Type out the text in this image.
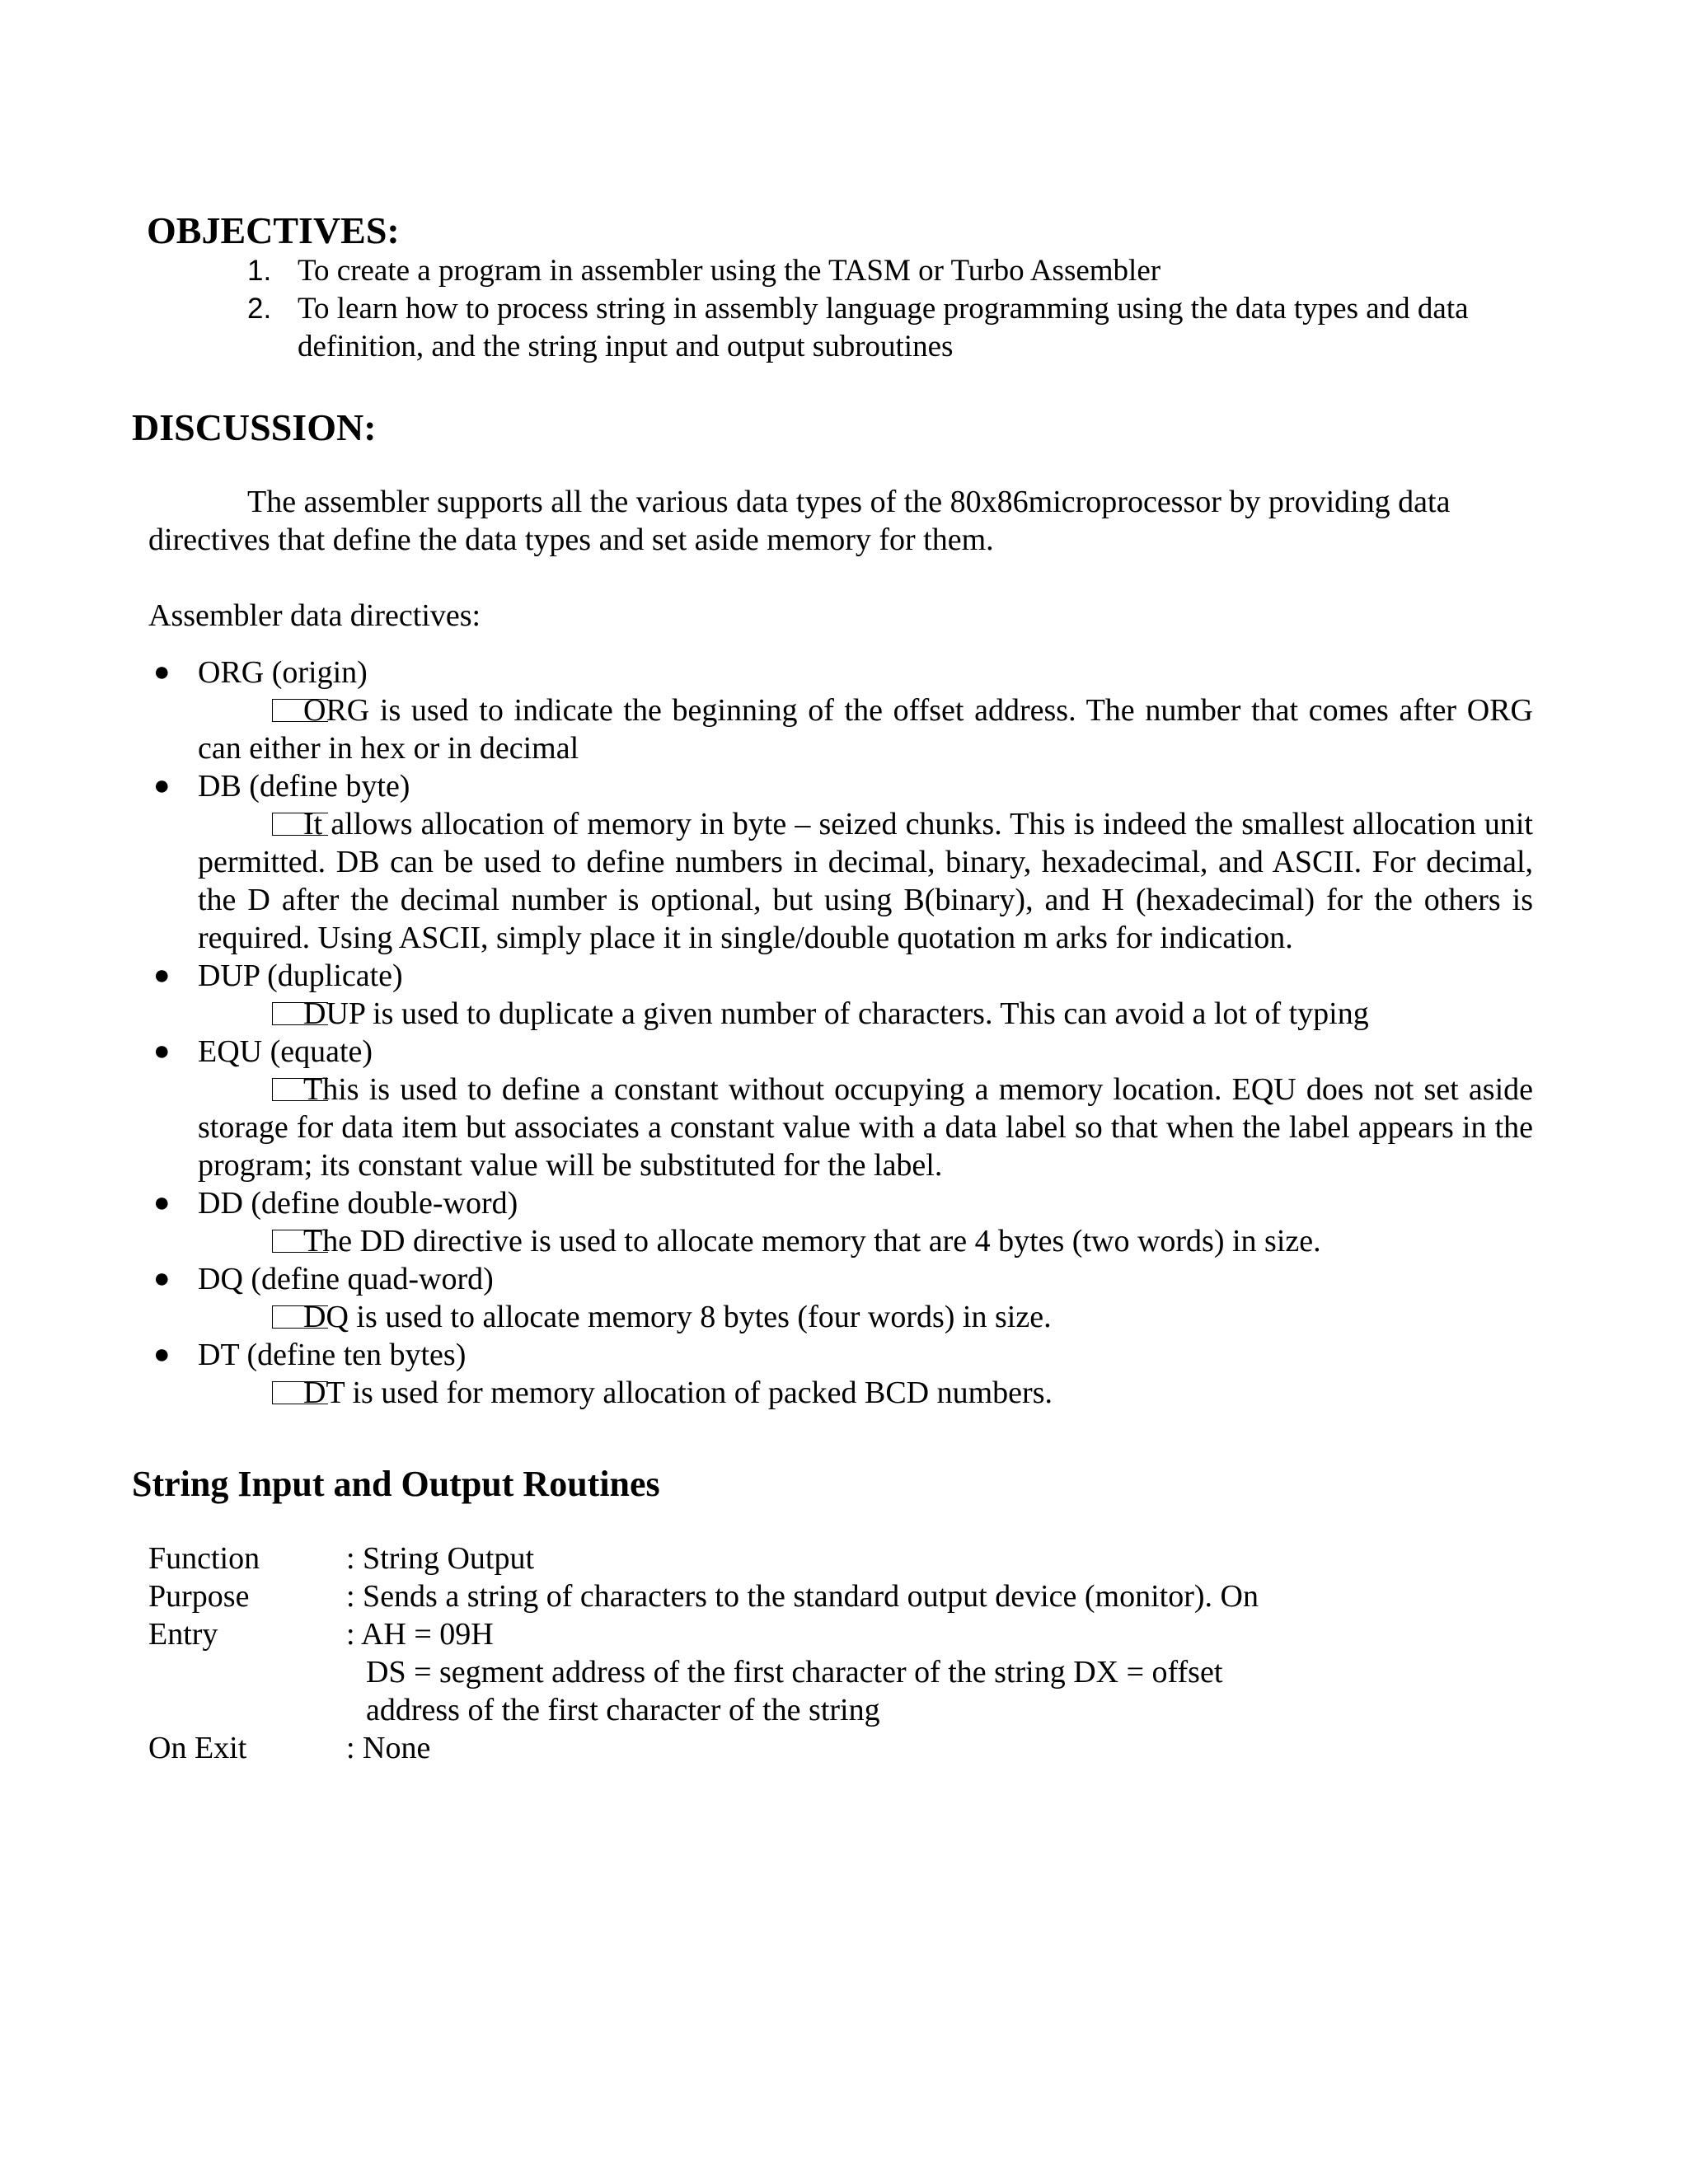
OBJECTIVES:
1. To create a program in assembler using the TASM or Turbo Assembler
2. To learn how to process string in assembly language programming using the data types and data definition, and the string input and output subroutines
DISCUSSION:
The assembler supports all the various data types of the 80x86microprocessor by providing data directives that define the data types and set aside memory for them.
Assembler data directives:
● ORG (origin)
ORG is used to indicate the beginning of the offset address. The number that comes after ORG can either in hex or in decimal
● DB (define byte)
It allows allocation of memory in byte – seized chunks. This is indeed the smallest allocation unit permitted. DB can be used to define numbers in decimal, binary, hexadecimal, and ASCII. For decimal, the D after the decimal number is optional, but using B(binary), and H (hexadecimal) for the others is required. Using ASCII, simply place it in single/double quotation m arks for indication.
● DUP (duplicate)
DUP is used to duplicate a given number of characters. This can avoid a lot of typing
● EQU (equate)
This is used to define a constant without occupying a memory location. EQU does not set aside storage for data item but associates a constant value with a data label so that when the label appears in the program; its constant value will be substituted for the label.
● DD (define double-word)
The DD directive is used to allocate memory that are 4 bytes (two words) in size.
● DQ (define quad-word)
DQ is used to allocate memory 8 bytes (four words) in size.
● DT (define ten bytes)
DT is used for memory allocation of packed BCD numbers.
String Input and Output Routines
Function	: String Output
Purpose	: Sends a string of characters to the standard output device (monitor). On
Entry	: AH = 09H
DS = segment address of the first character of the string DX = offset address of the first character of the string
On Exit	: None
